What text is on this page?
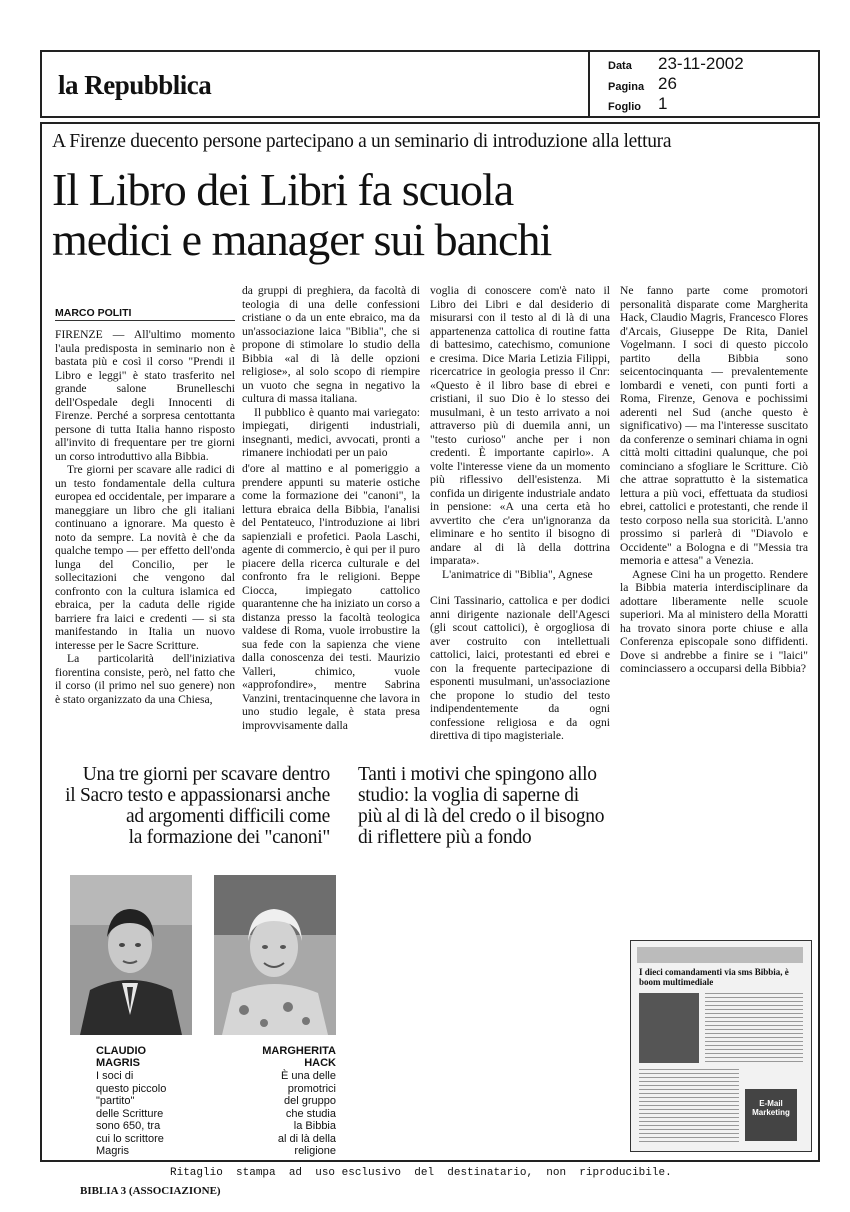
la Repubblica
Data 23-11-2002
Pagina 26
Foglio 1
A Firenze duecento persone partecipano a un seminario di introduzione alla lettura
Il Libro dei Libri fa scuola
medici e manager sui banchi
MARCO POLITI

FIRENZE — All'ultimo momento l'aula predisposta in seminario non è bastata più e così il corso "Prendi il Libro e leggi" è stato trasferito nel grande salone Brunelleschi dell'Ospedale degli Innocenti di Firenze. Perché a sorpresa centottanta persone di tutta Italia hanno risposto all'invito di frequentare per tre giorni un corso introduttivo alla Bibbia.

Tre giorni per scavare alle radici di un testo fondamentale della cultura europea ed occidentale, per imparare a maneggiare un libro che gli italiani continuano a ignorare. Ma questo è noto da sempre. La novità è che da qualche tempo — per effetto dell'onda lunga del Concilio, per le sollecitazioni che vengono dal confronto con la cultura islamica ed ebraica, per la caduta delle rigide barriere fra laici e credenti — si sta manifestando in Italia un nuovo interesse per le Sacre Scritture.

La particolarità dell'iniziativa fiorentina consiste, però, nel fatto che il corso (il primo nel suo genere) non è stato organizzato da una Chiesa,

da gruppi di preghiera, da facoltà di teologia di una delle confessioni cristiane o da un ente ebraico, ma da un'associazione laica "Biblia", che si propone di stimolare lo studio della Bibbia «al di là delle opzioni religiose», al solo scopo di riempire un vuoto che segna in negativo la cultura di massa italiana.

Il pubblico è quanto mai variegato: impiegati, dirigenti industriali, insegnanti, medici, avvocati, pronti a rimanere inchiodati per un paio

d'ore al mattino e al pomeriggio a prendere appunti su materie ostiche come la formazione dei "canoni", la lettura ebraica della Bibbia, l'analisi del Pentateuco, l'introduzione ai libri sapienziali e profetici. Paola Laschi, agente di commercio, è qui per il puro piacere della ricerca culturale e del confronto fra le religioni. Beppe Ciocca, impiegato cattolico quarantenne che ha iniziato un corso a distanza presso la facoltà teologica valdese di Roma, vuole irrobustire la sua fede con la sapienza che viene dalla conoscenza dei testi. Maurizio Valleri, chimico, vuole «approfondire», mentre Sabrina Vanzini, trentacinquenne che lavora in uno studio legale, è stata presa improvvisamente dalla

voglia di conoscere com'è nato il Libro dei Libri e dal desiderio di misurarsi con il testo al di là di una appartenenza cattolica di routine fatta di battesimo, catechismo, comunione e cresima. Dice Maria Letizia Filippi, ricercatrice in geologia presso il Cnr: «Questo è il libro base di ebrei e cristiani, il suo Dio è lo stesso dei musulmani, è un testo arrivato a noi attraverso più di duemila anni, un "testo curioso" anche per i non credenti. È importante capirlo». A volte l'interesse viene da un momento più riflessivo dell'esistenza. Mi confida un dirigente industriale andato in pensione: «A una certa età ho avvertito che c'era un'ignoranza da eliminare e ho sentito il bisogno di andare al di là della dottrina imparata».

L'animatrice di "Biblia", Agnese

Cini Tassinario, cattolica e per dodici anni dirigente nazionale dell'Agesci (gli scout cattolici), è orgogliosa di aver costruito con intellettuali cattolici, laici, protestanti ed ebrei e con la frequente partecipazione di esponenti musulmani, un'associazione che propone lo studio del testo indipendentemente da ogni confessione religiosa e da ogni direttiva di tipo magisteriale.

Ne fanno parte come promotori personalità disparate come Margherita Hack, Claudio Magris, Francesco Flores d'Arcais, Giuseppe De Rita, Daniel Vogelmann. I soci di questo piccolo partito della Bibbia sono seicentocinquanta — prevalentemente lombardi e veneti, con punti forti a Roma, Firenze, Genova e pochissimi aderenti nel Sud (anche questo è significativo) — ma l'interesse suscitato da conferenze o seminari chiama in ogni città molti cittadini qualunque, che poi cominciano a sfogliare le Scritture. Ciò che attrae soprattutto è la sistematica lettura a più voci, effettuata da studiosi ebrei, cattolici e protestanti, che rende il testo corposo nella sua storicità. L'anno prossimo si parlerà di "Diavolo e Occidente" a Bologna e di "Messia tra memoria e attesa" a Venezia.

Agnese Cini ha un progetto. Rendere la Bibbia materia interdisciplinare da adottare liberamente nelle scuole superiori. Ma al ministero della Moratti ha trovato sinora porte chiuse e alla Conferenza episcopale sono diffidenti. Dove si andrebbe a finire se i "laici" cominciassero a occuparsi della Bibbia?

Una tre giorni per scavare dentro
il Sacro testo e appassionarsi anche
ad argomenti difficili come
la formazione dei "canoni"
Tanti i motivi che spingono allo
studio: la voglia di saperne di
più al di là del credo o il bisogno
di riflettere più a fondo
CLAUDIO
MAGRIS
I soci di
questo piccolo
"partito"
delle Scritture
sono 650, tra
cui lo scrittore
Magris
MARGHERITA
HACK
È una delle
promotrici
del gruppo
che studia
la Bibbia
al di là della
religione
I dieci comandamenti via sms Bibbia, è boom multimediale
E-Mail Marketing
Ritaglio  stampa  ad  uso esclusivo  del  destinatario,  non  riproducibile.
BIBLIA 3 (ASSOCIAZIONE)
